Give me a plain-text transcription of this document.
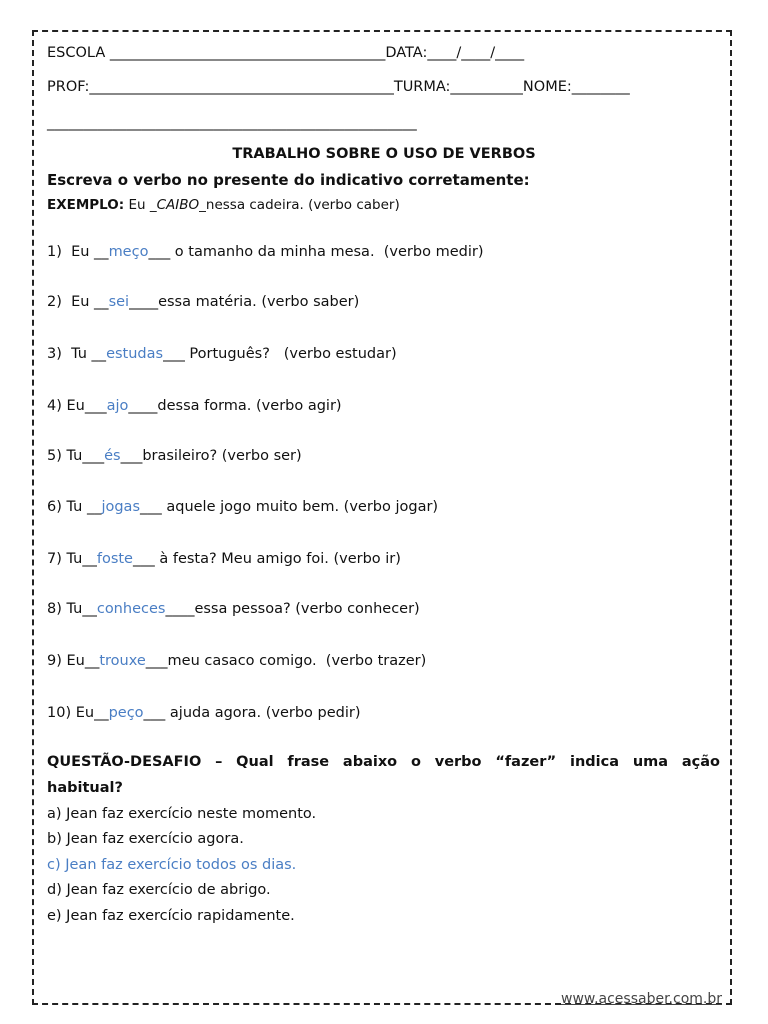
ESCOLA ______________________________________DATA:____/____/____
PROF:__________________________________________TURMA:__________NOME:________
___________________________________________________
TRABALHO SOBRE O USO DE VERBOS
Escreva o verbo no presente do indicativo corretamente:
EXEMPLO: Eu _CAIBO_nessa cadeira. (verbo caber)
1)  Eu __meço___ o tamanho da minha mesa.  (verbo medir)
2)  Eu __sei____essa matéria. (verbo saber)
3)  Tu __estudas___ Português?   (verbo estudar)
4) Eu___ajo____dessa forma. (verbo agir)
5) Tu___és___brasileiro? (verbo ser)
6) Tu __jogas___ aquele jogo muito bem. (verbo jogar)
7) Tu__foste___ à festa? Meu amigo foi. (verbo ir)
8) Tu__conheces____essa pessoa? (verbo conhecer)
9) Eu__trouxe___meu casaco comigo.  (verbo trazer)
10) Eu__peço___ ajuda agora. (verbo pedir)
QUESTÃO-DESAFIO – Qual frase abaixo o verbo “fazer” indica uma ação
habitual?
a) Jean faz exercício neste momento.
b) Jean faz exercício agora.
c) Jean faz exercício todos os dias.
d) Jean faz exercício de abrigo.
e) Jean faz exercício rapidamente.
www.acessaber.com.br
